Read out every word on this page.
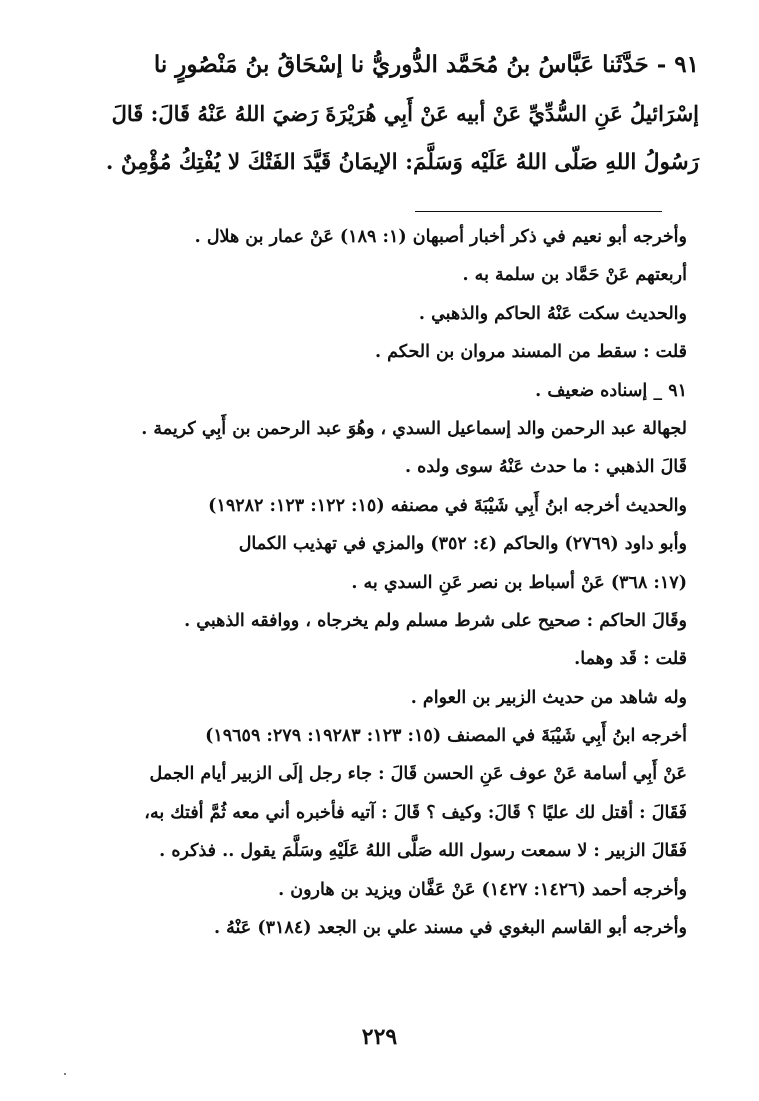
٩١ - حَدَّثَنا عَبَّاسُ بنُ مُحَمَّد الدُّوريُّ نا إسْحَاقُ بنُ مَنْصُورٍ نا
إسْرَائيلُ عَنِ السُّدِّيِّ عَنْ أبيه عَنْ أَبِي هُرَيْرَةَ رَضيَ اللهُ عَنْهُ قَالَ: قَالَ
رَسُولُ اللهِ صَلّى اللهُ عَلَيْه وَسَلَّمَ: الإيمَانُ قَيَّدَ الفَتْكَ لا يُفْتِكُ مُؤْمِنٌ .
وأخرجه أبو نعيم في ذكر أخبار أصبهان (١: ١٨٩) عَنْ عمار بن هلال .
أربعتهم عَنْ حَمَّاد بن سلمة به .
والحديث سكت عَنْهُ الحاكم والذهبي .
قلت : سقط من المسند مروان بن الحكم .
٩١ _ إسناده ضعيف .
لجهالة عبد الرحمن والد إسماعيل السدي ، وهُوَ عبد الرحمن بن أَبِي كريمة .
قَالَ الذهبي : ما حدث عَنْهُ سوى ولده .
والحديث أخرجه ابنُ أَبِي شَيْبَةَ في مصنفه (١٥: ١٢٢: ١٢٣: ١٩٢٨٢)
وأبو داود (٢٧٦٩) والحاكم (٤: ٣٥٢) والمزي في تهذيب الكمال
(١٧: ٣٦٨) عَنْ أسباط بن نصر عَنِ السدي به .
وقَالَ الحاكم : صحيح على شرط مسلم ولم يخرجاه ، ووافقه الذهبي .
قلت : قَد وهما.
وله شاهد من حديث الزبير بن العوام .
أخرجه ابنُ أَبِي شَيْبَةَ في المصنف (١٥: ١٢٣: ١٩٢٨٣: ٢٧٩: ١٩٦٥٩)
عَنْ أَبِي أسامة عَنْ عوف عَنِ الحسن قَالَ : جاء رجل إلَى الزبير أيام الجمل
فَقَالَ : أقتل لك عليًا ؟ قَالَ: وكيف ؟ قَالَ : آتيه فأخبره أني معه ثُمَّ أفتك به،
فَقَالَ الزبير : لا سمعت رسول الله صَلَّى اللهُ عَلَيْهِ وسَلَّمَ يقول .. فذكره .
وأخرجه أحمد (١٤٢٦: ١٤٢٧) عَنْ عَفَّان ويزيد بن هارون .
وأخرجه أبو القاسم البغوي في مسند علي بن الجعد (٣١٨٤) عَنْهُ .
٢٢٩
